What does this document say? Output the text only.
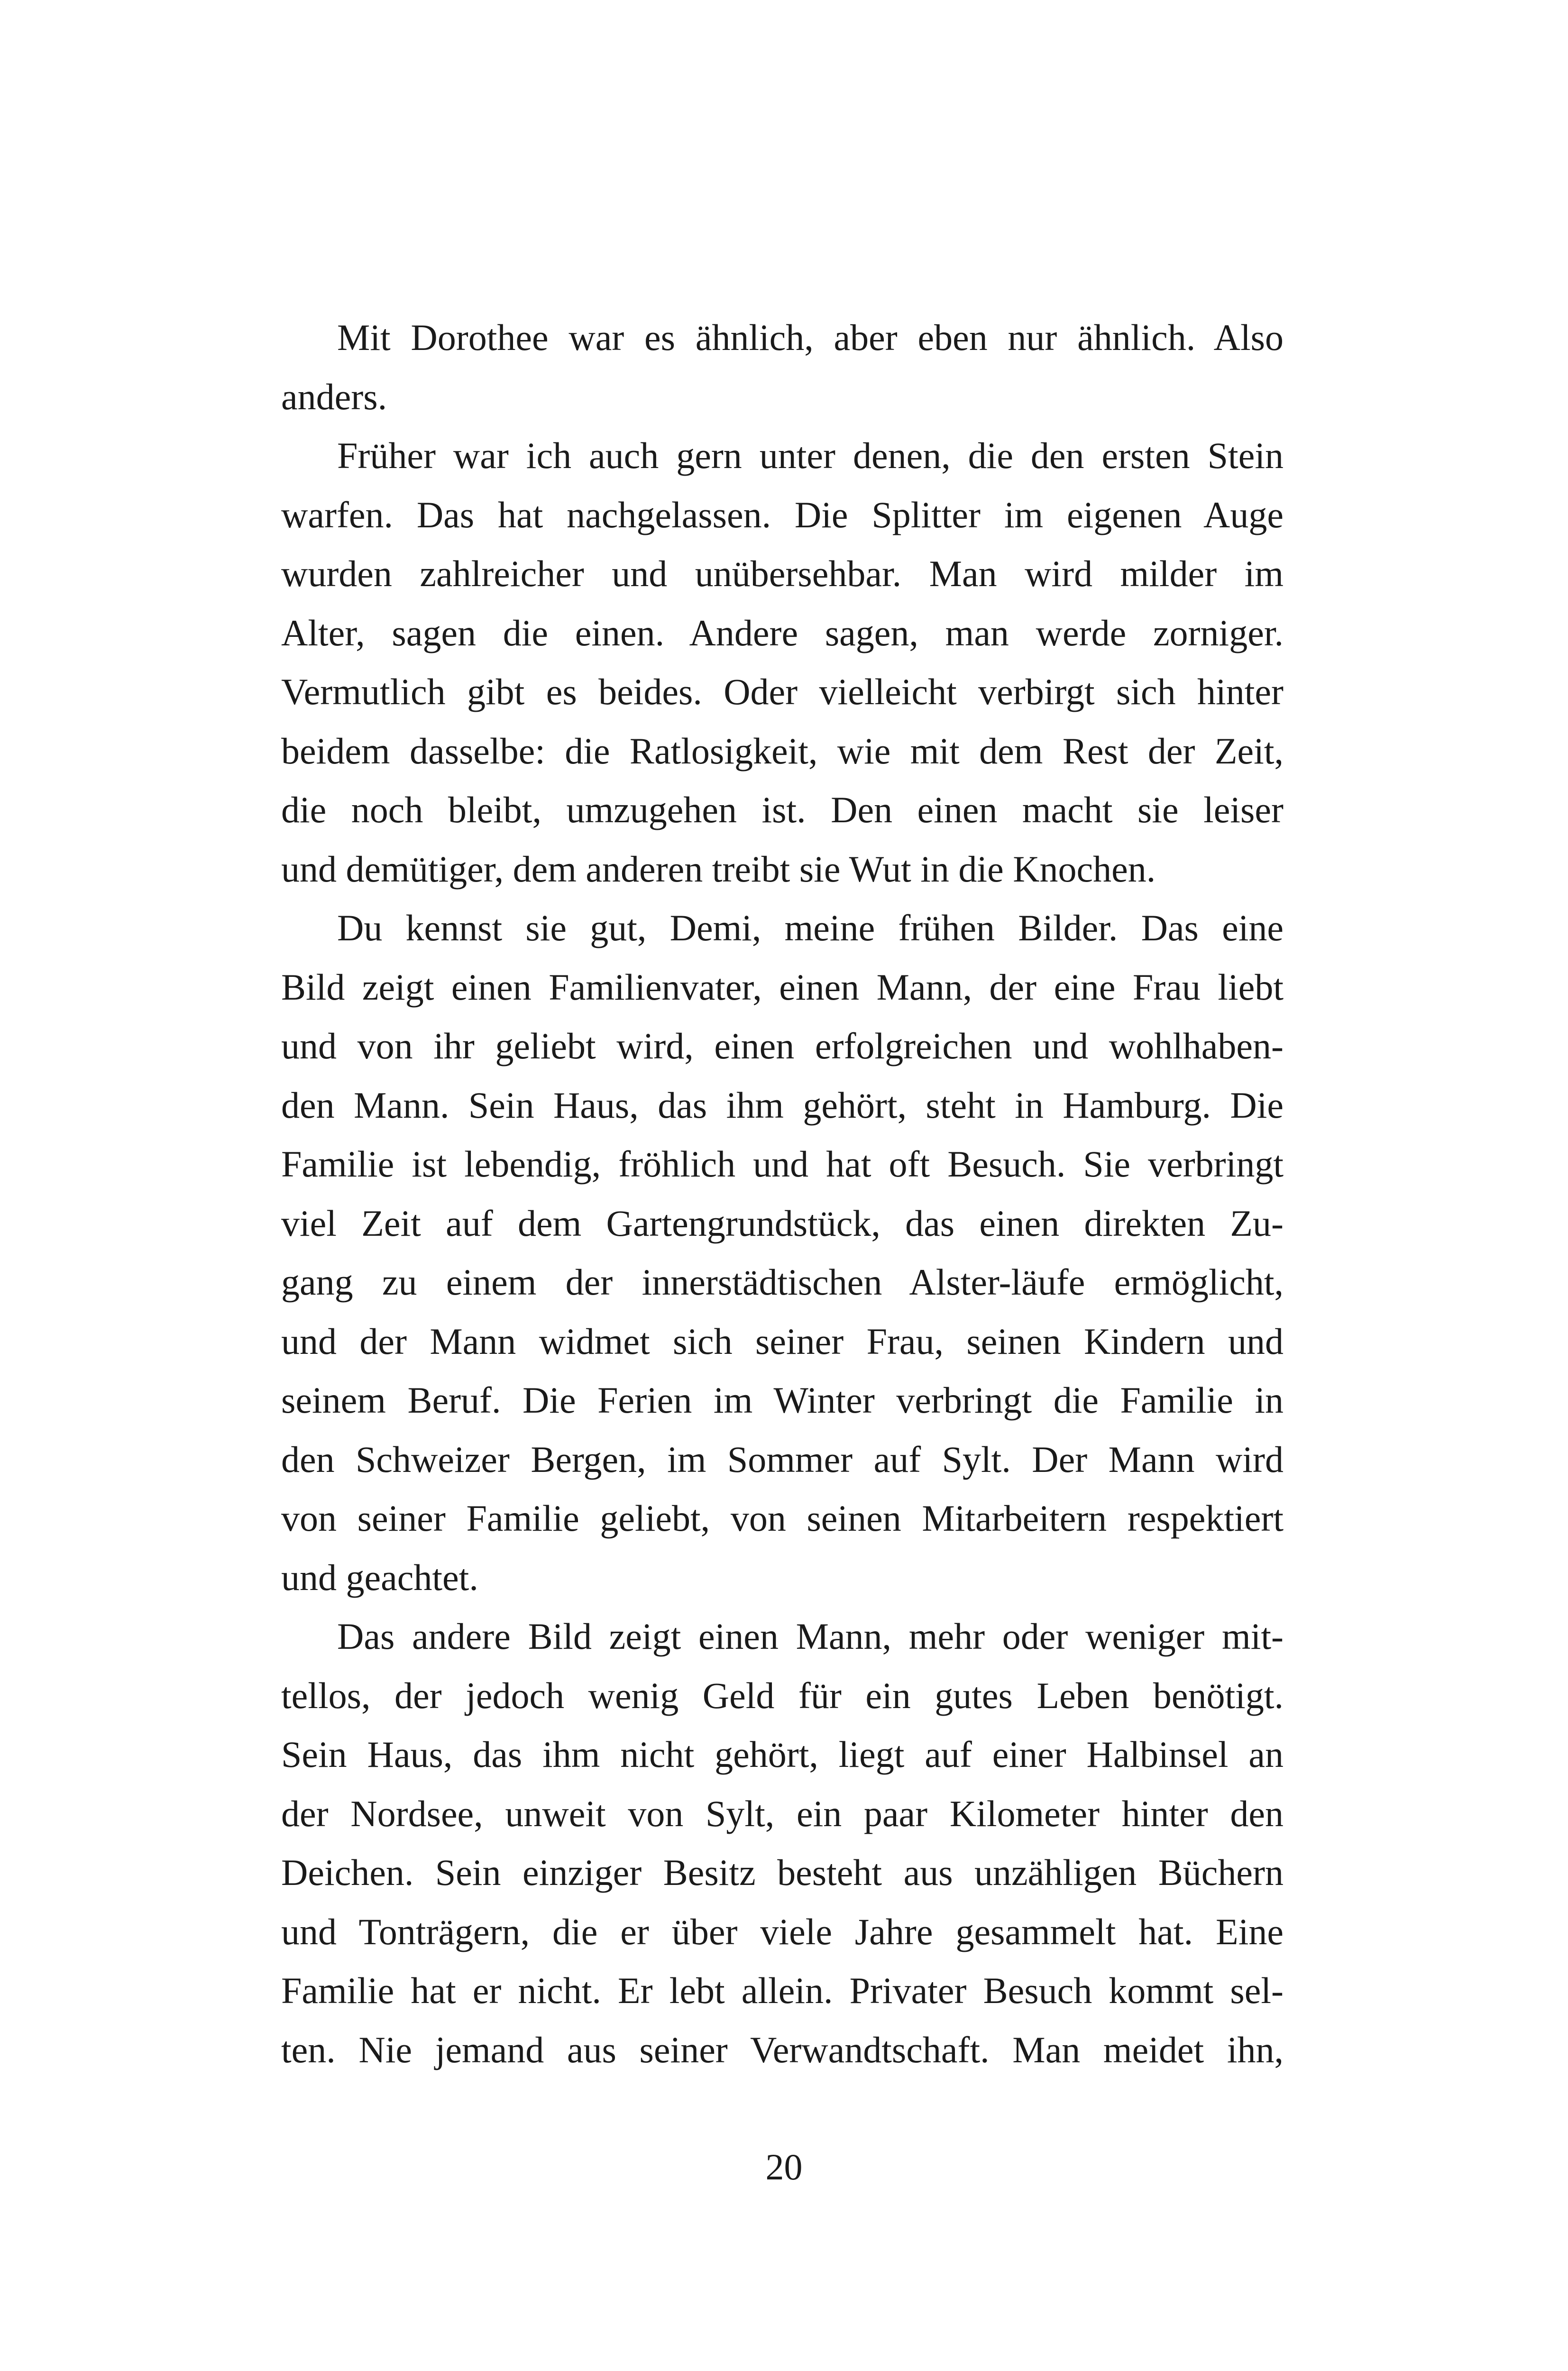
Mit Dorothee war es ähnlich, aber eben nur ähnlich. Also
anders.
Früher war ich auch gern unter denen, die den ersten Stein
warfen. Das hat nachgelassen. Die Splitter im eigenen Auge
wurden zahlreicher und unübersehbar. Man wird milder im
Alter, sagen die einen. Andere sagen, man werde zorniger.
Vermutlich gibt es beides. Oder vielleicht verbirgt sich hinter
beidem dasselbe: die Ratlosigkeit, wie mit dem Rest der Zeit,
die noch bleibt, umzugehen ist. Den einen macht sie leiser
und demütiger, dem anderen treibt sie Wut in die Knochen.
Du kennst sie gut, Demi, meine frühen Bilder. Das eine
Bild zeigt einen Familienvater, einen Mann, der eine Frau liebt
und von ihr geliebt wird, einen erfolgreichen und wohlhaben-
den Mann. Sein Haus, das ihm gehört, steht in Hamburg. Die
Familie ist lebendig, fröhlich und hat oft Besuch. Sie verbringt
viel Zeit auf dem Gartengrundstück, das einen direkten Zu-
gang zu einem der innerstädtischen Alster-läufe ermöglicht,
und der Mann widmet sich seiner Frau, seinen Kindern und
seinem Beruf. Die Ferien im Winter verbringt die Familie in
den Schweizer Bergen, im Sommer auf Sylt. Der Mann wird
von seiner Familie geliebt, von seinen Mitarbeitern respektiert
und geachtet.
Das andere Bild zeigt einen Mann, mehr oder weniger mit-
tellos, der jedoch wenig Geld für ein gutes Leben benötigt.
Sein Haus, das ihm nicht gehört, liegt auf einer Halbinsel an
der Nordsee, unweit von Sylt, ein paar Kilometer hinter den
Deichen. Sein einziger Besitz besteht aus unzähligen Büchern
und Tonträgern, die er über viele Jahre gesammelt hat. Eine
Familie hat er nicht. Er lebt allein. Privater Besuch kommt sel-
ten. Nie jemand aus seiner Verwandtschaft. Man meidet ihn,
20
